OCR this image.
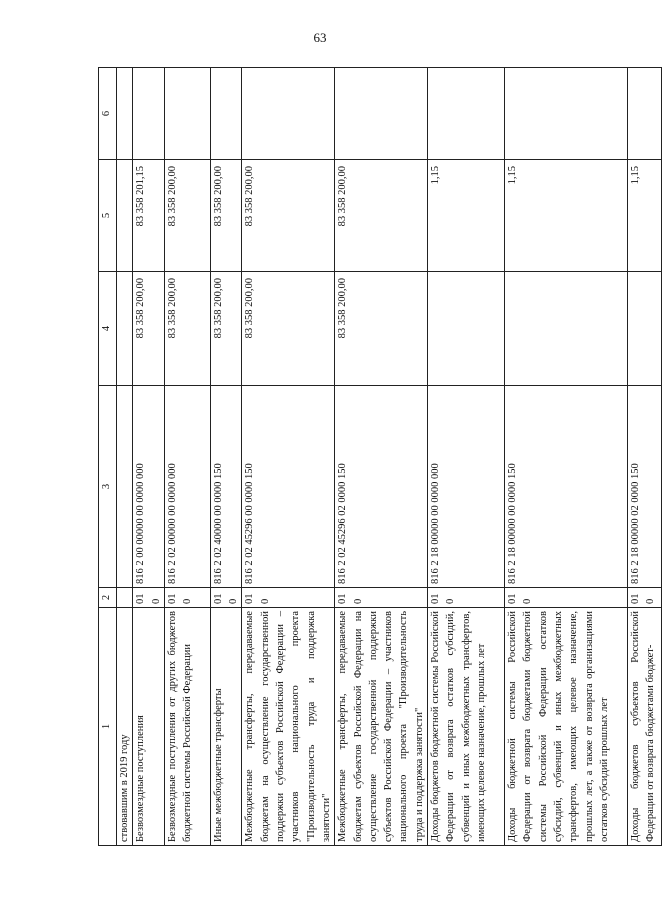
63
1	2	3	4	5	6
ствовавшим в 2019 году					
Безвозмездные поступления	010	816 2 00 00000 00 0000 000	83 358 200,00	83 358 201,15	
Безвозмездные поступления от других бюджетов бюджетной системы Российской Федерации	010	816 2 02 00000 00 0000 000	83 358 200,00	83 358 200,00	
Иные межбюджетные трансферты	010	816 2 02 40000 00 0000 150	83 358 200,00	83 358 200,00	
Межбюджетные трансферты, передаваемые бюджетам на осуществление государственной поддержки субъектов Российской Федерации – участников национального проекта "Производительность труда и поддержка занятости"	010	816 2 02 45296 00 0000 150	83 358 200,00	83 358 200,00	
Межбюджетные трансферты, передаваемые бюджетам субъектов Российской Федерации на осуществление государственной поддержки субъектов Российской Федерации – участников национального проекта "Производительность труда и поддержка занятости"	010	816 2 02 45296 02 0000 150	83 358 200,00	83 358 200,00	
Доходы бюджетов бюджетной системы Российской Федерации от возврата остатков субсидий, субвенций и иных межбюджетных трансфертов, имеющих целевое назначение, прошлых лет	010	816 2 18 00000 00 0000 000		1,15	
Доходы бюджетной системы Российской Федерации от возврата бюджетами бюджетной системы Российской Федерации остатков субсидий, субвенций и иных межбюджетных трансфертов, имеющих целевое назначение, прошлых лет, а также от возврата организациями остатков субсидий прошлых лет	010	816 2 18 00000 00 0000 150		1,15	
Доходы бюджетов субъектов Российской Федерации от возврата бюджетами бюджет-	010	816 2 18 00000 02 0000 150		1,15	
